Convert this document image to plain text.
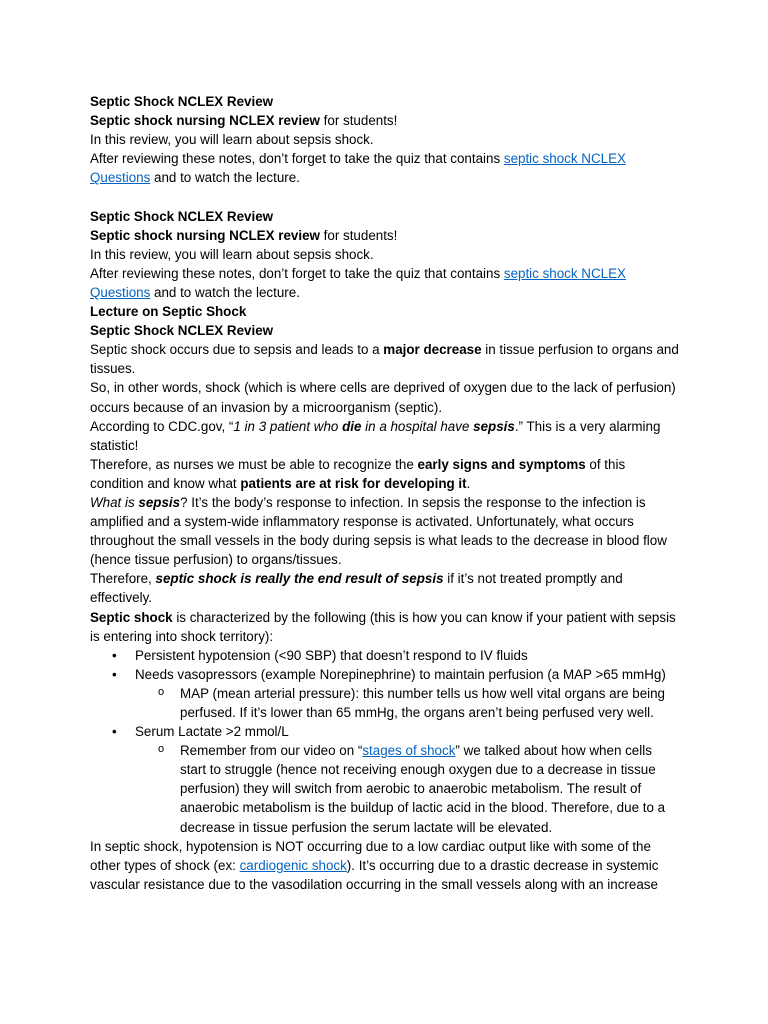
Septic Shock NCLEX Review

Septic shock nursing NCLEX review for students!

In this review, you will learn about sepsis shock.

After reviewing these notes, don’t forget to take the quiz that contains septic shock NCLEX Questions and to watch the lecture.

Septic Shock NCLEX Review

Septic shock nursing NCLEX review for students!

In this review, you will learn about sepsis shock.

After reviewing these notes, don’t forget to take the quiz that contains septic shock NCLEX Questions and to watch the lecture.

Lecture on Septic Shock

Septic Shock NCLEX Review

Septic shock occurs due to sepsis and leads to a major decrease in tissue perfusion to organs and tissues.

So, in other words, shock (which is where cells are deprived of oxygen due to the lack of perfusion) occurs because of an invasion by a microorganism (septic).

According to CDC.gov, “1 in 3 patient who die in a hospital have sepsis.” This is a very alarming statistic!

Therefore, as nurses we must be able to recognize the early signs and symptoms of this condition and know what patients are at risk for developing it.

What is sepsis? It’s the body’s response to infection. In sepsis the response to the infection is amplified and a system-wide inflammatory response is activated. Unfortunately, what occurs throughout the small vessels in the body during sepsis is what leads to the decrease in blood flow (hence tissue perfusion) to organs/tissues.

Therefore, septic shock is really the end result of sepsis if it’s not treated promptly and effectively.

Septic shock is characterized by the following (this is how you can know if your patient with sepsis is entering into shock territory):

• Persistent hypotension (<90 SBP) that doesn’t respond to IV fluids
• Needs vasopressors (example Norepinephrine) to maintain perfusion (a MAP >65 mmHg)
o MAP (mean arterial pressure): this number tells us how well vital organs are being perfused. If it’s lower than 65 mmHg, the organs aren’t being perfused very well.
• Serum Lactate >2 mmol/L
o Remember from our video on “stages of shock” we talked about how when cells start to struggle (hence not receiving enough oxygen due to a decrease in tissue perfusion) they will switch from aerobic to anaerobic metabolism. The result of anaerobic metabolism is the buildup of lactic acid in the blood. Therefore, due to a decrease in tissue perfusion the serum lactate will be elevated.

In septic shock, hypotension is NOT occurring due to a low cardiac output like with some of the other types of shock (ex: cardiogenic shock). It’s occurring due to a drastic decrease in systemic vascular resistance due to the vasodilation occurring in the small vessels along with an increase
